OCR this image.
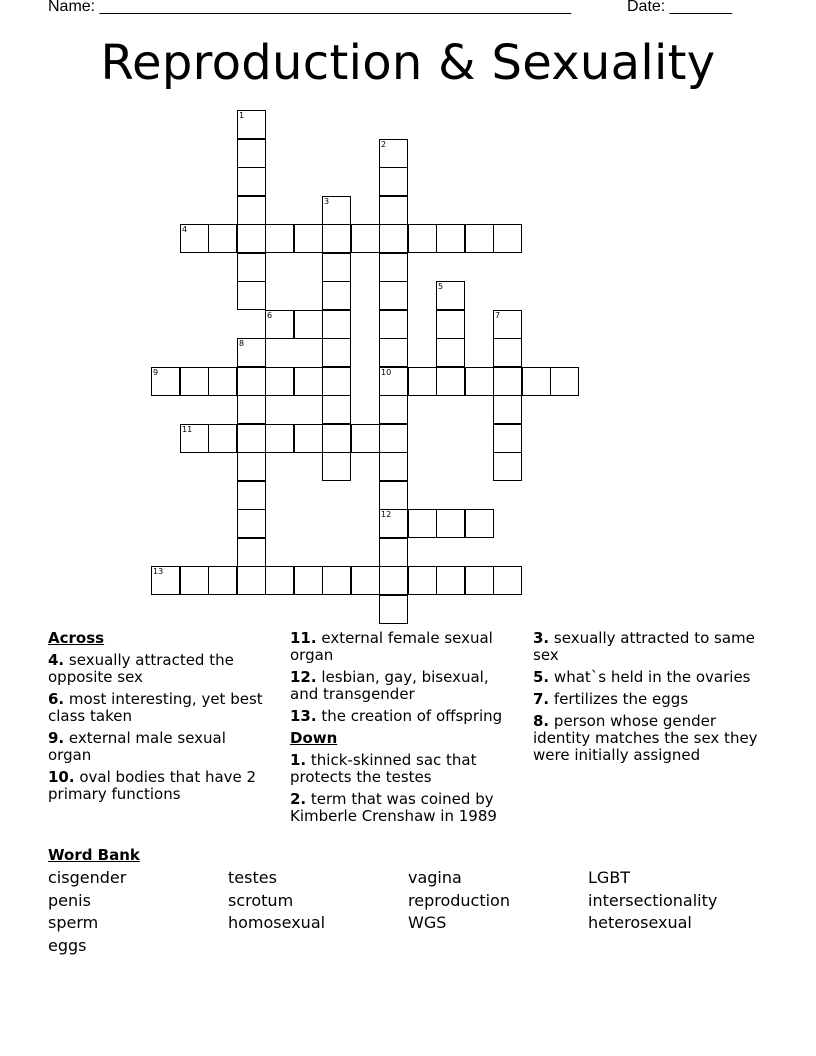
Name: _____________________________________________________	Date: _______
Reproduction & Sexuality
4
6
9	10
11
12
13
1
2
3
5
7
8
Across
4. sexually attracted the opposite sex
6. most interesting, yet best class taken
9. external male sexual organ
10. oval bodies that have 2 primary functions
11. external female sexual organ
12. lesbian, gay, bisexual, and transgender
13. the creation of offspring
Down
1. thick-skinned sac that protects the testes
2. term that was coined by Kimberle Crenshaw in 1989
3. sexually attracted to same sex
5. what`s held in the ovaries
7. fertilizes the eggs
8. person whose gender identity matches the sex they were initially assigned
Word Bank
cisgender	testes	vagina	LGBT
penis	scrotum	reproduction	intersectionality
sperm	homosexual	WGS	heterosexual
eggs
